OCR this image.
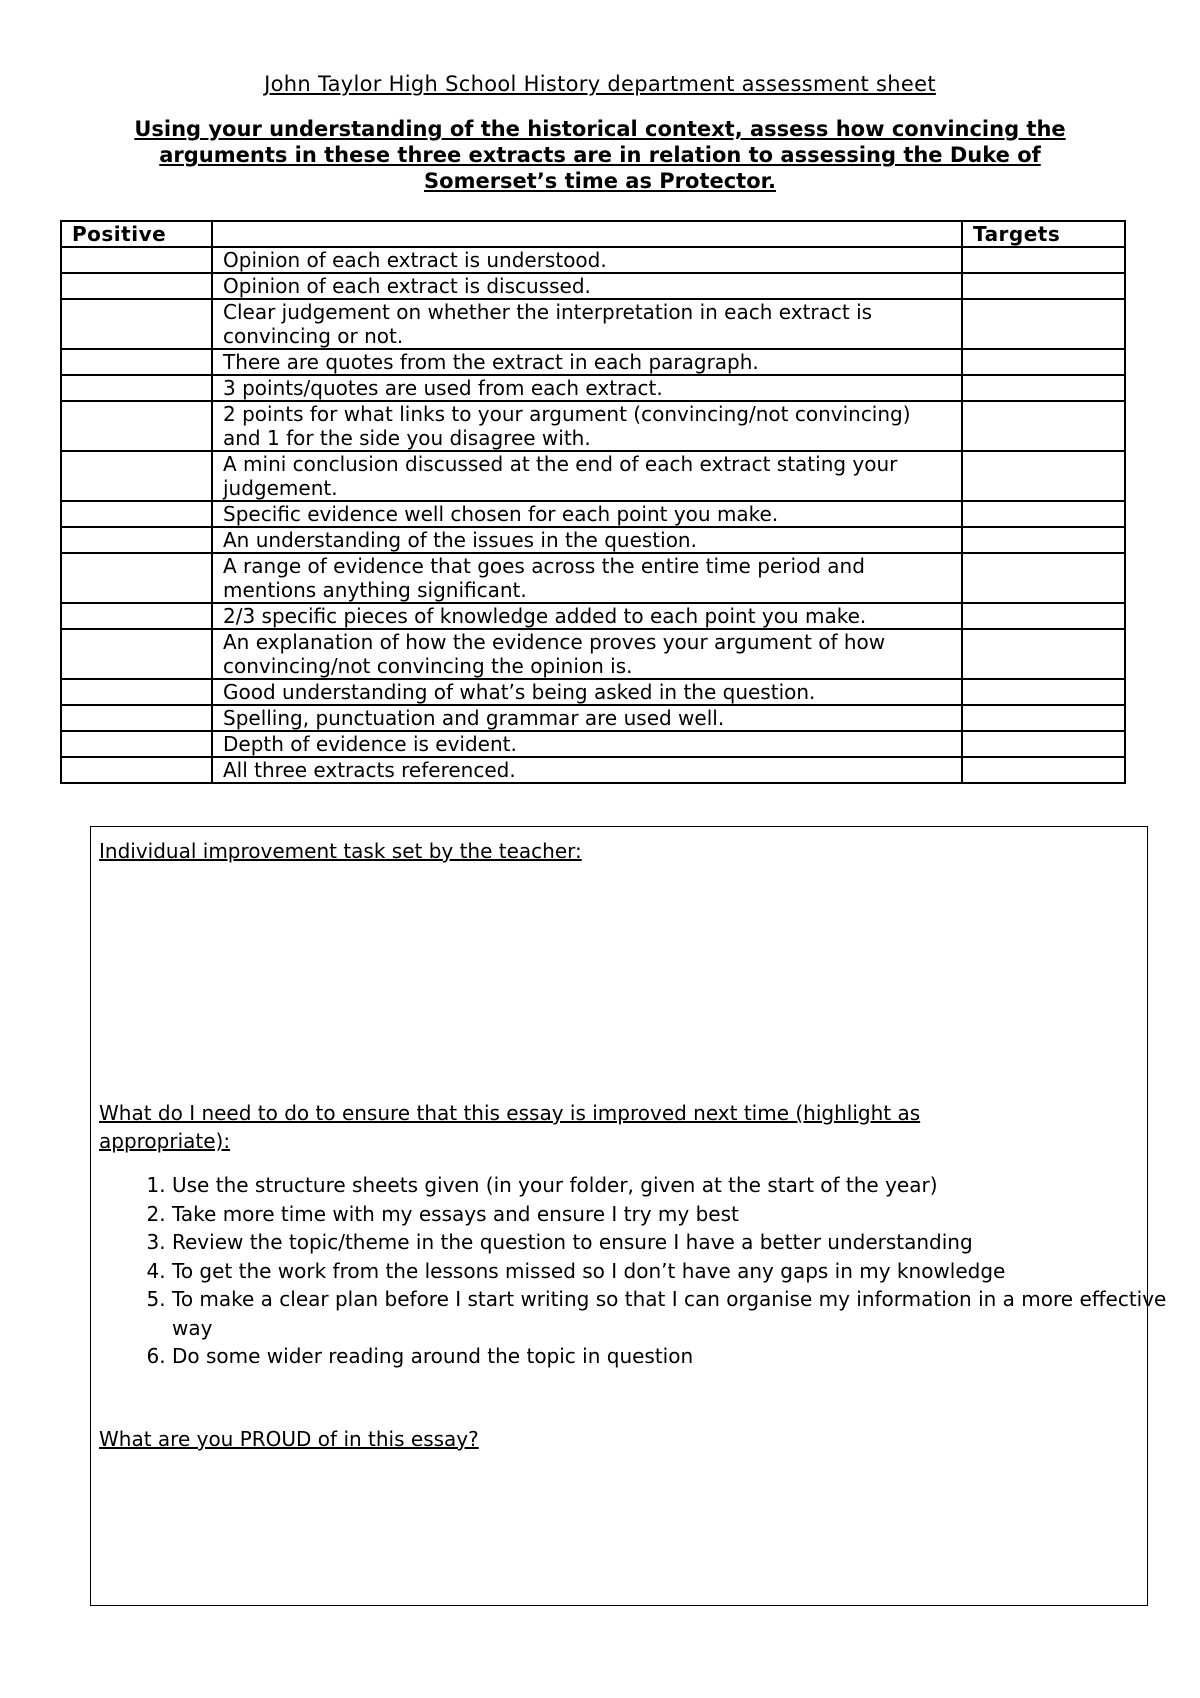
John Taylor High School History department assessment sheet
Using your understanding of the historical context, assess how convincing the arguments in these three extracts are in relation to assessing the Duke of Somerset’s time as Protector.
Positive		Targets
	Opinion of each extract is understood.	
	Opinion of each extract is discussed.	
	Clear judgement on whether the interpretation in each extract is convincing or not.	
	There are quotes from the extract in each paragraph.	
	3 points/quotes are used from each extract.	
	2 points for what links to your argument (convincing/not convincing) and 1 for the side you disagree with.	
	A mini conclusion discussed at the end of each extract stating your judgement.	
	Specific evidence well chosen for each point you make.	
	An understanding of the issues in the question.	
	A range of evidence that goes across the entire time period and mentions anything significant.	
	2/3 specific pieces of knowledge added to each point you make.	
	An explanation of how the evidence proves your argument of how convincing/not convincing the opinion is.	
	Good understanding of what’s being asked in the question.	
	Spelling, punctuation and grammar are used well.	
	Depth of evidence is evident.	
	All three extracts referenced.	
Individual improvement task set by the teacher:
What do I need to do to ensure that this essay is improved next time (highlight as appropriate):
1. Use the structure sheets given (in your folder, given at the start of the year)
2. Take more time with my essays and ensure I try my best
3. Review the topic/theme in the question to ensure I have a better understanding
4. To get the work from the lessons missed so I don’t have any gaps in my knowledge
5. To make a clear plan before I start writing so that I can organise my information in a more effective way
6. Do some wider reading around the topic in question
What are you PROUD of in this essay?
